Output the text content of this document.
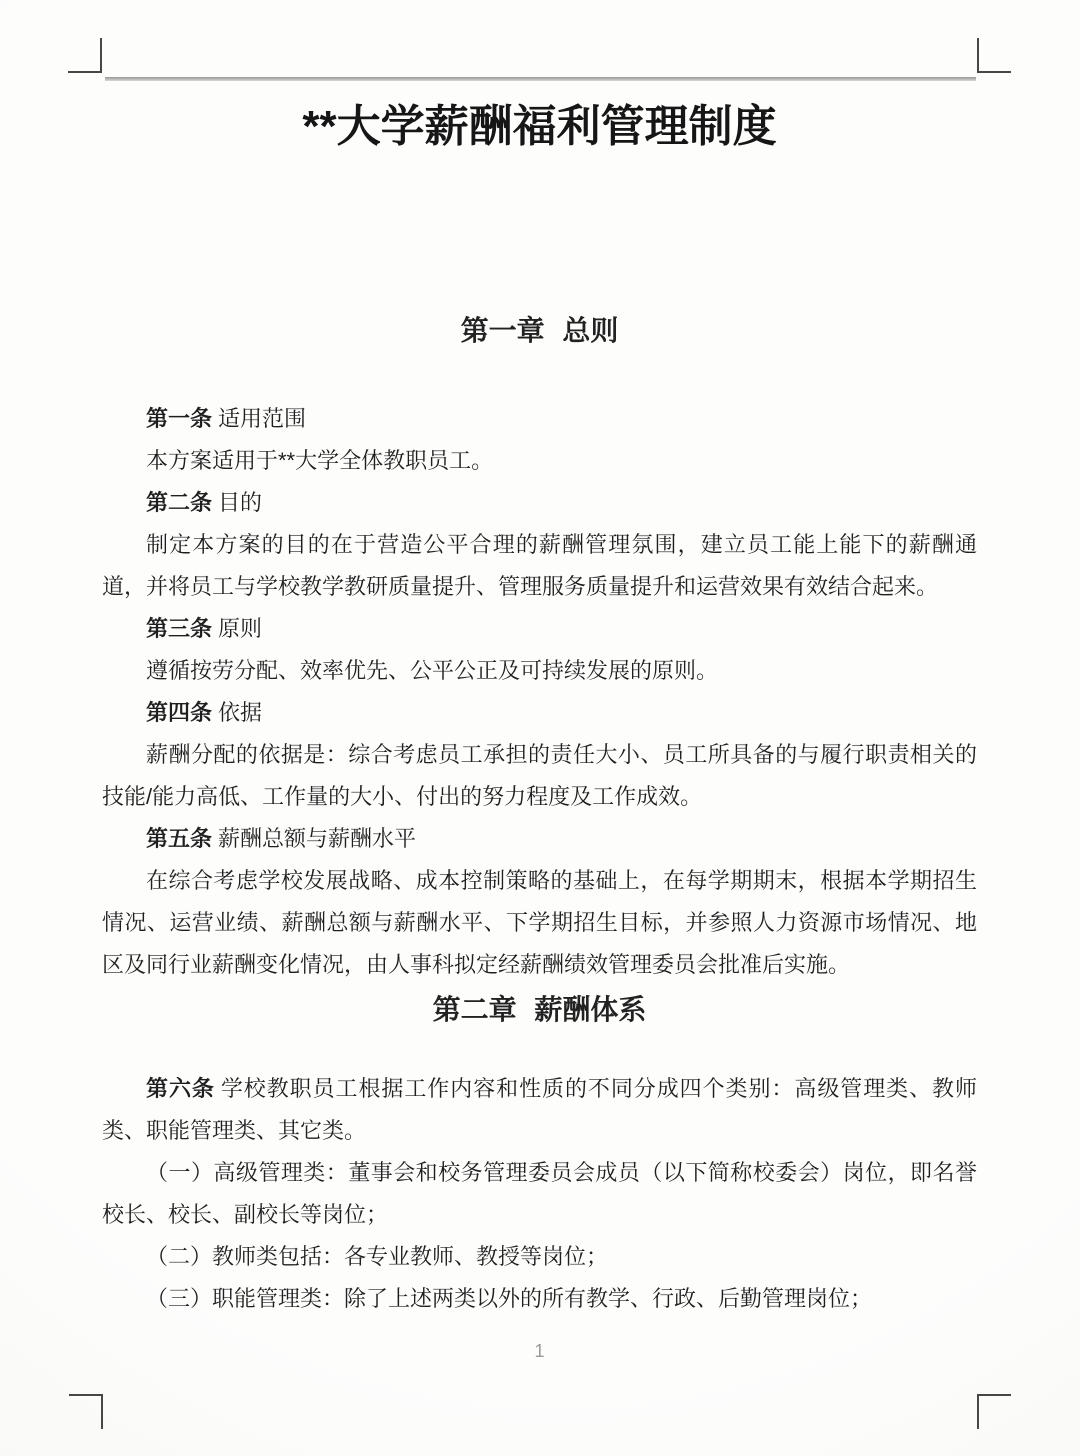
**大学薪酬福利管理制度
第一章 总则

第一条 适用范围

本方案适用于**大学全体教职员工。

第二条 目的

制定本方案的目的在于营造公平合理的薪酬管理氛围，建立员工能上能下的薪酬通道，并将员工与学校教学教研质量提升、管理服务质量提升和运营效果有效结合起来。

第三条 原则

遵循按劳分配、效率优先、公平公正及可持续发展的原则。

第四条 依据

薪酬分配的依据是：综合考虑员工承担的责任大小、员工所具备的与履行职责相关的技能/能力高低、工作量的大小、付出的努力程度及工作成效。

第五条 薪酬总额与薪酬水平

在综合考虑学校发展战略、成本控制策略的基础上，在每学期期末，根据本学期招生情况、运营业绩、薪酬总额与薪酬水平、下学期招生目标，并参照人力资源市场情况、地区及同行业薪酬变化情况，由人事科拟定经薪酬绩效管理委员会批准后实施。

第二章 薪酬体系

第六条 学校教职员工根据工作内容和性质的不同分成四个类别：高级管理类、教师类、职能管理类、其它类。

（一）高级管理类：董事会和校务管理委员会成员（以下简称校委会）岗位，即名誉校长、校长、副校长等岗位；

（二）教师类包括：各专业教师、教授等岗位；

（三）职能管理类：除了上述两类以外的所有教学、行政、后勤管理岗位；

1
